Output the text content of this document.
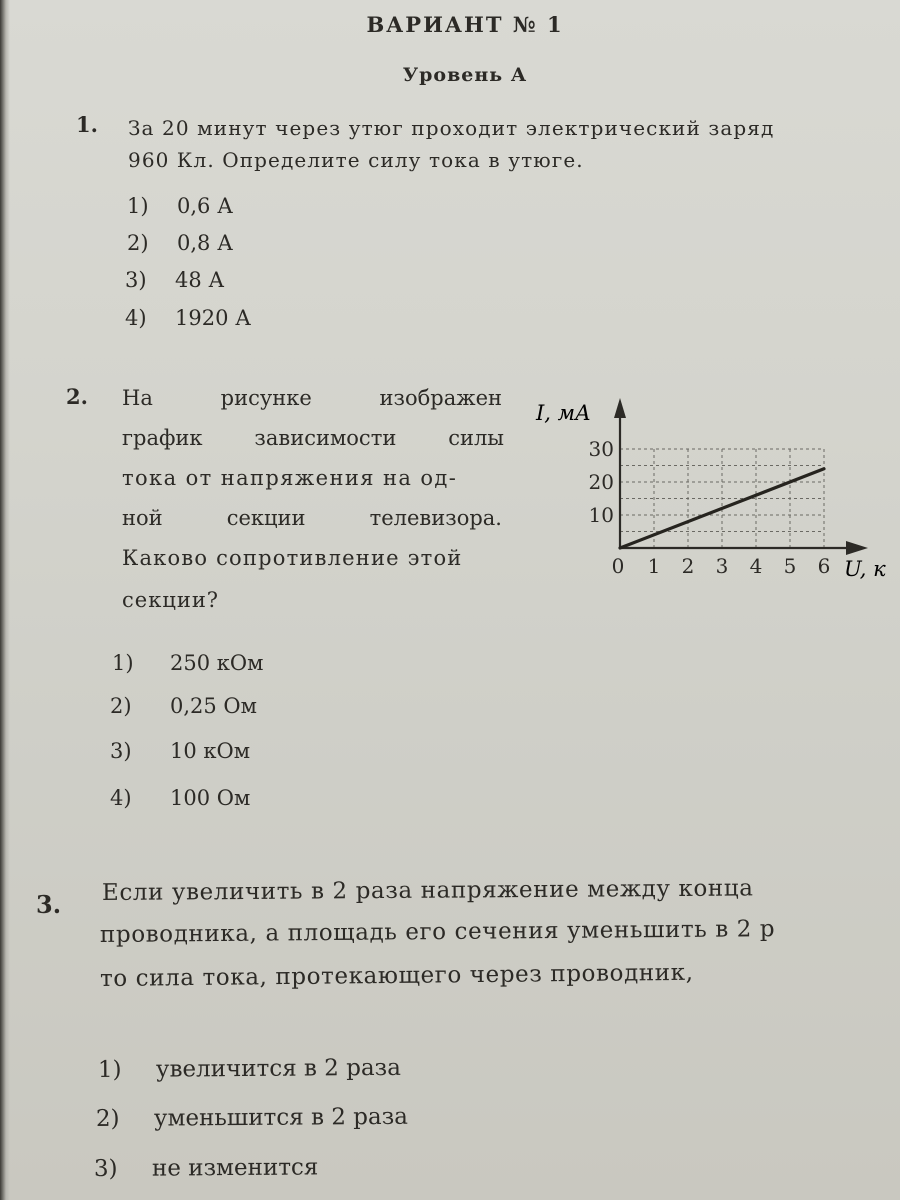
ВАРИАНТ № 1
Уровень А
1. За 20 минут через утюг проходит электрический заряд
960 Кл. Определите силу тока в утюге.
1) 0,6 А
2) 0,8 А
3) 48 А
4) 1920 А
2. На	рисунке	изображен
график зависимости силы
тока от напряжения на од-
ной	секции	телевизора.
Каково сопротивление этой
секции?
I, мА
U, к
0 1 2 3 4 5 6
10
20
30
1) 250 кОм
2) 0,25 Ом
3) 10 кОм
4) 100 Ом
3. Если увеличить в 2 раза напряжение между конца
проводника, а площадь его сечения уменьшить в 2 р
то сила тока, протекающего через проводник,
1) увеличится в 2 раза
2) уменьшится в 2 раза
3) не изменится
